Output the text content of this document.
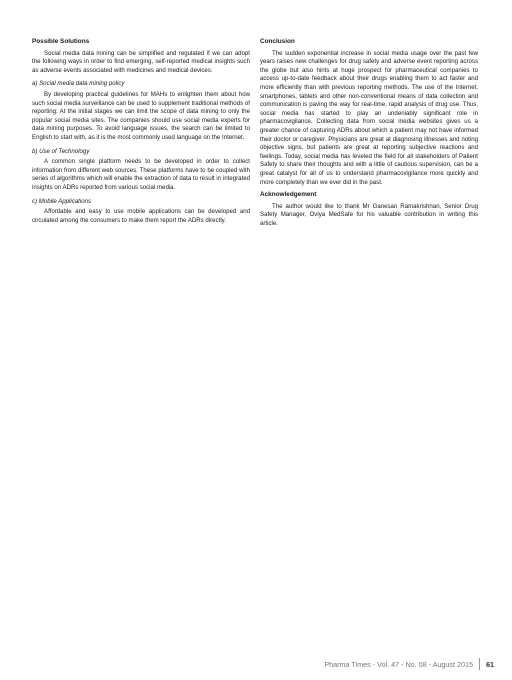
Possible Solutions

Social media data mining can be simplified and regulated if we can adopt the following ways in order to find emerging, self-reported medical insights such as adverse events associated with medicines and medical devices:

a) Social media data mining policy

By developing practical guidelines for MAHs to enlighten them about how such social media surveillance can be used to supplement traditional methods of reporting: At the initial stages we can limit the scope of data mining to only the popular social media sites. The companies should use social media experts for data mining purposes. To avoid language issues, the search can be limited to English to start with, as it is the most commonly used language on the Internet.

b) Use of Technology

A common single platform needs to be developed in order to collect information from different web sources. These platforms have to be coupled with series of algorithms which will enable the extraction of data to result in integrated insights on ADRs reported from various social media.

c) Mobile Applications

Affordable and easy to use mobile applications can be developed and circulated among the consumers to make them report the ADRs directly.

Conclusion

The sudden exponential increase in social media usage over the past few years raises new challenges for drug safety and adverse event reporting across the globe but also hints at huge prospect for pharmaceutical companies to access up-to-date feedback about their drugs enabling them to act faster and more efficiently than with previous reporting methods. The use of the Internet, smartphones, tablets and other non-conventional means of data collection and communication is paving the way for real-time, rapid analysis of drug use. Thus, social media has started to play an undeniably significant role in pharmacovigilance. Collecting data from social media websites gives us a greater chance of capturing ADRs about which a patient may not have informed their doctor or caregiver. Physicians are great at diagnosing illnesses and noting objective signs, but patients are great at reporting subjective reactions and feelings. Today, social media has leveled the field for all stakeholders of Patient Safety to share their thoughts and with a little of cautious supervision, can be a great catalyst for all of us to understand pharmacovigilance more quickly and more completely than we ever did in the past.

Acknowledgement

The author would like to thank Mr Ganesan Ramakrishnan, Senior Drug Safety Manager, Oviya MedSafe for his valuable contribution in writing this article.

Pharma Times - Vol. 47 - No. 08 - August 2015 61
